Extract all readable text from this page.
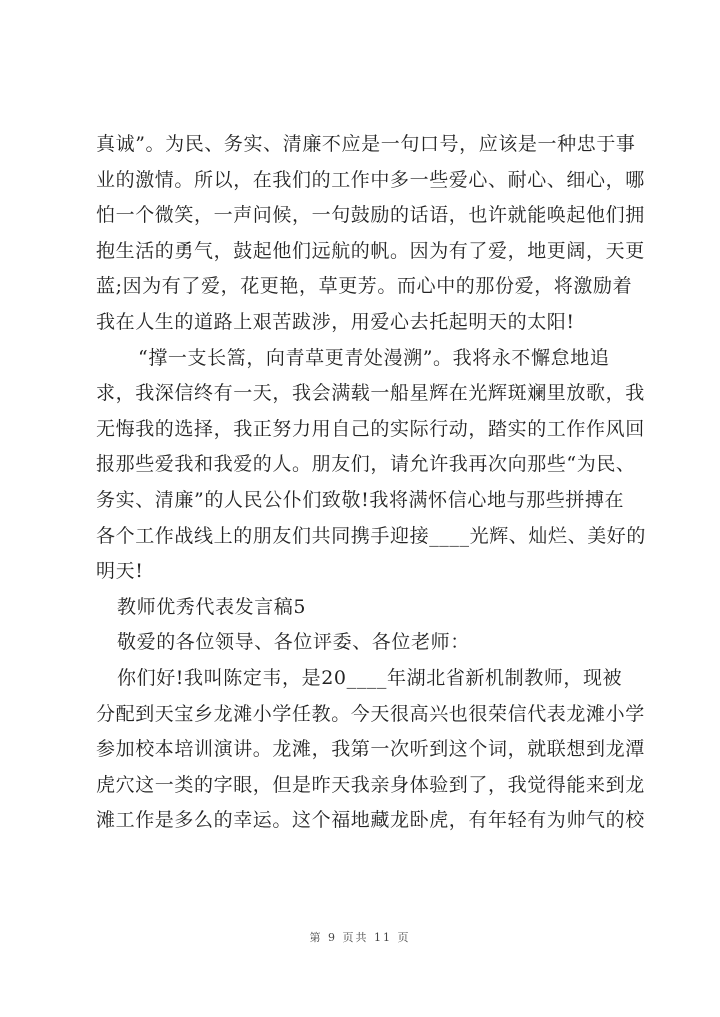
真诚”。为民、务实、清廉不应是一句口号，应该是一种忠于事
业的激情。所以，在我们的工作中多一些爱心、耐心、细心，哪
怕一个微笑，一声问候，一句鼓励的话语，也许就能唤起他们拥
抱生活的勇气，鼓起他们远航的帆。因为有了爱，地更阔，天更
蓝;因为有了爱，花更艳，草更芳。而心中的那份爱，将激励着
我在人生的道路上艰苦跋涉，用爱心去托起明天的太阳!
“撑一支长篙，向青草更青处漫溯”。我将永不懈怠地追
求，我深信终有一天，我会满载一船星辉在光辉斑斓里放歌，我
无悔我的选择，我正努力用自己的实际行动，踏实的工作作风回
报那些爱我和我爱的人。朋友们，请允许我再次向那些“为民、
务实、清廉”的人民公仆们致敬!我将满怀信心地与那些拼搏在
各个工作战线上的朋友们共同携手迎接____光辉、灿烂、美好的
明天!
教师优秀代表发言稿5
敬爱的各位领导、各位评委、各位老师：
你们好!我叫陈定韦，是20____年湖北省新机制教师，现被
分配到天宝乡龙滩小学任教。今天很高兴也很荣信代表龙滩小学
参加校本培训演讲。龙滩，我第一次听到这个词，就联想到龙潭
虎穴这一类的字眼，但是昨天我亲身体验到了，我觉得能来到龙
滩工作是多么的幸运。这个福地藏龙卧虎，有年轻有为帅气的校
第 9 页共 11 页
